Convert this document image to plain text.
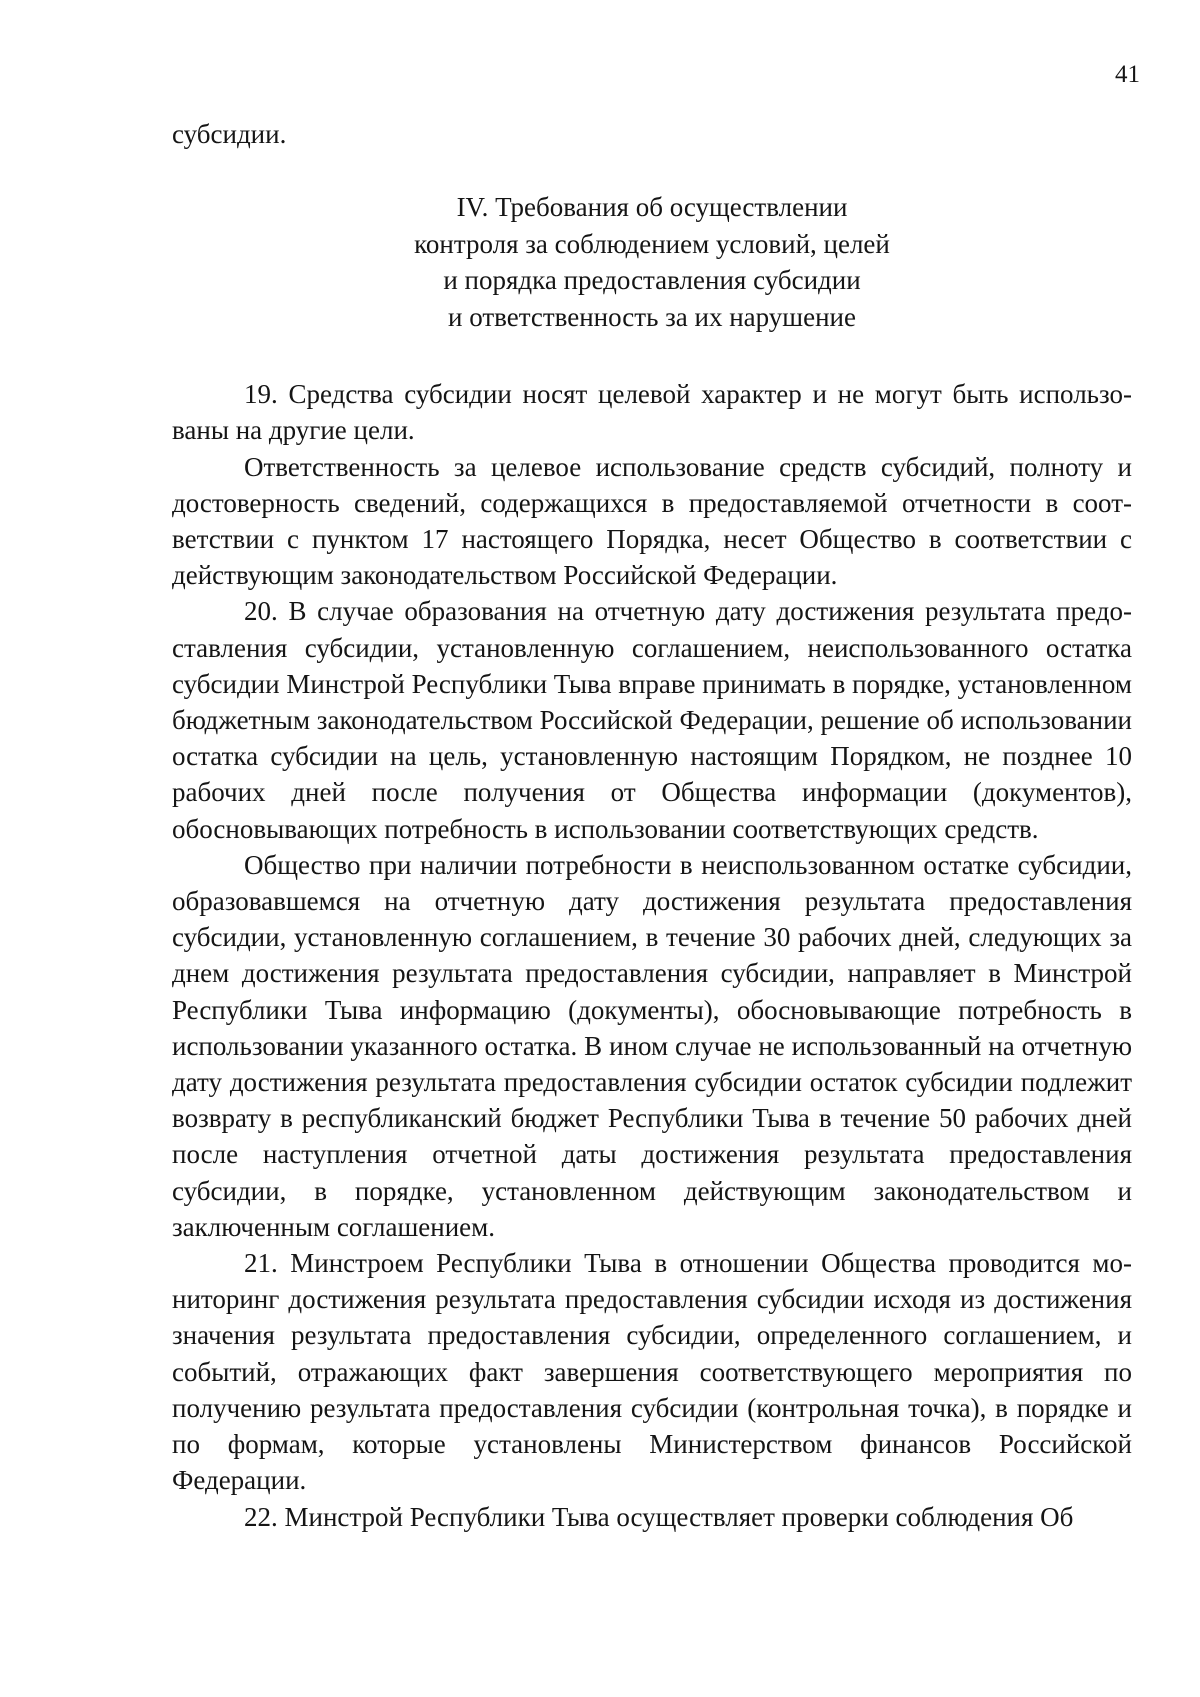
41

субсидии.

IV. Требования об осуществлении
контроля за соблюдением условий, целей
и порядка предоставления субсидии
и ответственность за их нарушение

19. Средства субсидии носят целевой характер и не могут быть использованы на другие цели.

Ответственность за целевое использование средств субсидий, полноту и достоверность сведений, содержащихся в предоставляемой отчетности в соответствии с пунктом 17 настоящего Порядка, несет Общество в соответствии с действующим законодательством Российской Федерации.

20. В случае образования на отчетную дату достижения результата предоставления субсидии, установленную соглашением, неиспользованного остатка субсидии Минстрой Республики Тыва вправе принимать в порядке, установленном бюджетным законодательством Российской Федерации, решение об использовании остатка субсидии на цель, установленную настоящим Порядком, не позднее 10 рабочих дней после получения от Общества информации (документов), обосновывающих потребность в использовании соответствующих средств.

Общество при наличии потребности в неиспользованном остатке субсидии, образовавшемся на отчетную дату достижения результата предоставления субсидии, установленную соглашением, в течение 30 рабочих дней, следующих за днем достижения результата предоставления субсидии, направляет в Минстрой Республики Тыва информацию (документы), обосновывающие потребность в использовании указанного остатка. В ином случае не использованный на отчетную дату достижения результата предоставления субсидии остаток субсидии подлежит возврату в республиканский бюджет Республики Тыва в течение 50 рабочих дней после наступления отчетной даты достижения результата предоставления субсидии, в порядке, установленном действующим законодательством и заключенным соглашением.

21. Минстроем Республики Тыва в отношении Общества проводится мониторинг достижения результата предоставления субсидии исходя из достижения значения результата предоставления субсидии, определенного соглашением, и событий, отражающих факт завершения соответствующего мероприятия по получению результата предоставления субсидии (контрольная точка), в порядке и по формам, которые установлены Министерством финансов Российской Федерации.

22. Минстрой Республики Тыва осуществляет проверки соблюдения Об
